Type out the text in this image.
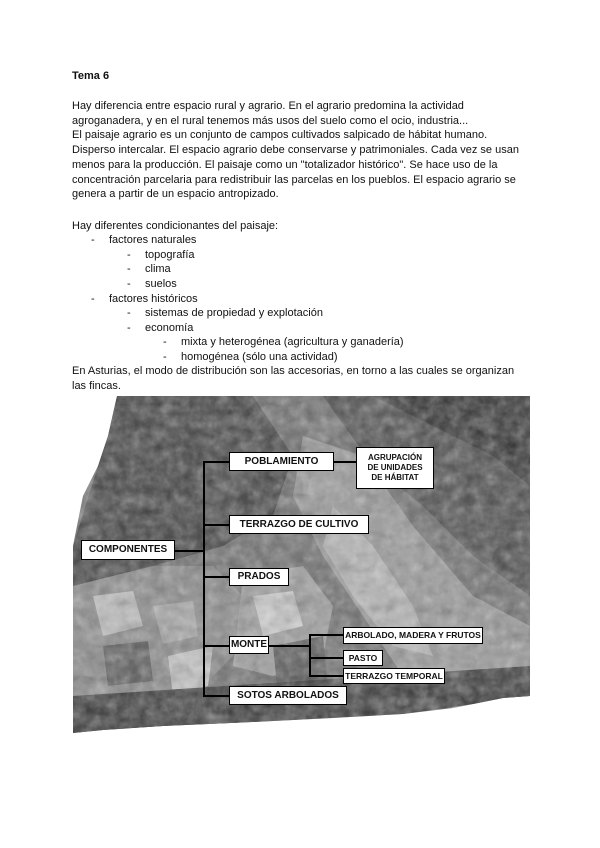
Tema 6
Hay diferencia entre espacio rural y agrario. En el agrario predomina la actividad
agroganadera, y en el rural tenemos más usos del suelo como el ocio, industria...
El paisaje agrario es un conjunto de campos cultivados salpicado de hábitat humano.
Disperso intercalar. El espacio agrario debe conservarse y patrimoniales. Cada vez se usan
menos para la producción. El paisaje como un "totalizador histórico". Se hace uso de la
concentración parcelaria para redistribuir las parcelas en los pueblos. El espacio agrario se
genera a partir de un espacio antropizado.
Hay diferentes condicionantes del paisaje:
- factores naturales
- topografía
- clima
- suelos
- factores históricos
- sistemas de propiedad y explotación
- economía
- mixta y heterogénea (agricultura y ganadería)
- homogénea (sólo una actividad)
En Asturias, el modo de distribución son las accesorias, en torno a las cuales se organizan
las fincas.
COMPONENTES
POBLAMIENTO	AGRUPACIÓN
DE UNIDADES
DE HÁBITAT
TERRAZGO DE CULTIVO
PRADOS
MONTE
ARBOLADO, MADERA Y FRUTOS
PASTO
TERRAZGO TEMPORAL
SOTOS ARBOLADOS
